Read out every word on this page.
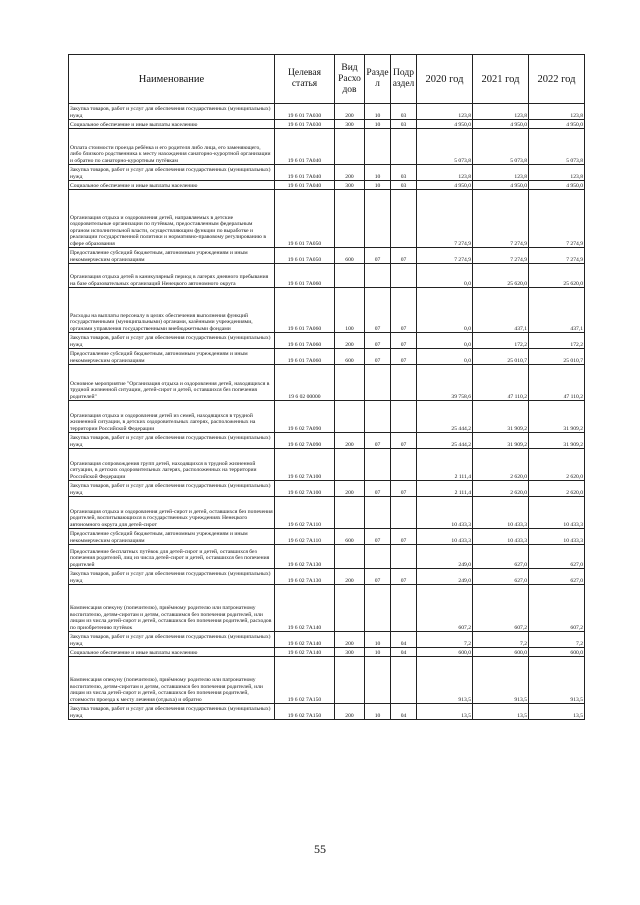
Наименование	Целевая статья	Вид Расхо дов	Разде л	Подр аздел	2020 год	2021 год	2022 год
Закупка товаров, работ и услуг для обеспечения государственных (муниципальных) нужд	19 6 01 7А030	200	10	03	123,8	123,8	123,8
Социальное обеспечение и иные выплаты населению	19 6 01 7А030	300	10	03	4 950,0	4 950,0	4 950,0
Оплата стоимости проезда ребёнка и его родителя либо лица, его заменяющего, либо близкого родственника к месту нахождения санаторно-курортной организации и обратно по санаторно-курортным путёвкам	19 6 01 7А040				5 073,8	5 073,8	5 073,8
Закупка товаров, работ и услуг для обеспечения государственных (муниципальных) нужд	19 6 01 7А040	200	10	03	123,8	123,8	123,8
Социальное обеспечение и иные выплаты населению	19 6 01 7А040	300	10	03	4 950,0	4 950,0	4 950,0
Организация отдыха и оздоровления детей, направляемых в детские оздоровительные организации по путёвкам, предоставленным федеральным органом исполнительной власти, осуществляющим функции по выработке и реализации государственной политики и нормативно-правовому регулированию в сфере образования	19 6 01 7А050				7 274,9	7 274,9	7 274,9
Предоставление субсидий бюджетным, автономным учреждениям и иным некоммерческим организациям	19 6 01 7А050	600	07	07	7 274,9	7 274,9	7 274,9
Организация отдыха детей в каникулярный период в лагерях дневного пребывания на базе образовательных организаций Ненецкого автономного округа	19 6 01 7А060				0,0	25 620,0	25 620,0
Расходы на выплаты персоналу в целях обеспечения выполнения функций государственными (муниципальными) органами, казёнными учреждениями, органами управления государственными внебюджетными фондами	19 6 01 7А060	100	07	07	0,0	437,1	437,1
Закупка товаров, работ и услуг для обеспечения государственных (муниципальных) нужд	19 6 01 7А060	200	07	07	0,0	172,2	172,2
Предоставление субсидий бюджетным, автономным учреждениям и иным некоммерческим организациям	19 6 01 7А060	600	07	07	0,0	25 010,7	25 010,7
Основное мероприятие "Организация отдыха и оздоровления детей, находящихся в трудной жизненной ситуации, детей-сирот и детей, оставшихся без попечения родителей"	19 6 02 00000				39 758,6	47 110,2	47 110,2
Организация отдыха и оздоровления детей из семей, находящихся в трудной жизненной ситуации, в детских оздоровительных лагерях, расположенных на территории Российской Федерации	19 6 02 7А090				25 444,2	31 909,2	31 909,2
Закупка товаров, работ и услуг для обеспечения государственных (муниципальных) нужд	19 6 02 7А090	200	07	07	25 444,2	31 909,2	31 909,2
Организация сопровождения групп детей, находящихся в трудной жизненной ситуации, в детских оздоровительных лагерях, расположенных на территории Российской Федерации	19 6 02 7А100				2 111,4	2 620,0	2 620,0
Закупка товаров, работ и услуг для обеспечения государственных (муниципальных) нужд	19 6 02 7А100	200	07	07	2 111,4	2 620,0	2 620,0
Организация отдыха и оздоровления детей-сирот и детей, оставшихся без попечения родителей, воспитывающихся в государственных учреждениях Ненецкого автономного округа для детей-сирот	19 6 02 7А110				10 433,3	10 433,3	10 433,3
Предоставление субсидий бюджетным, автономным учреждениям и иным некоммерческим организациям	19 6 02 7А110	600	07	07	10 433,3	10 433,3	10 433,3
Предоставление бесплатных путёвок для детей-сирот и детей, оставшихся без попечения родителей, лиц из числа детей-сирот и детей, оставшихся без попечения родителей	19 6 02 7А130				249,0	627,0	627,0
Закупка товаров, работ и услуг для обеспечения государственных (муниципальных) нужд	19 6 02 7А130	200	07	07	249,0	627,0	627,0
Компенсация опекуну (попечителю), приёмному родителю или патронатному воспитателю, детям-сиротам и детям, оставшимся без попечения родителей, или лицам из числа детей-сирот и детей, оставшихся без попечения родителей, расходов по приобретению путёвок	19 6 02 7А140				607,2	607,2	607,2
Закупка товаров, работ и услуг для обеспечения государственных (муниципальных) нужд	19 6 02 7А140	200	10	04	7,2	7,2	7,2
Социальное обеспечение и иные выплаты населению	19 6 02 7А140	300	10	04	600,0	600,0	600,0
Компенсация опекуну (попечителю), приёмному родителю или патронатному воспитателю, детям-сиротам и детям, оставшимся без попечения родителей, или лицам из числа детей-сирот и детей, оставшихся без попечения родителей, стоимости проезда к месту лечения (отдыха) и обратно	19 6 02 7А150				913,5	913,5	913,5
Закупка товаров, работ и услуг для обеспечения государственных (муниципальных) нужд	19 6 02 7А150	200	10	04	13,5	13,5	13,5
55
